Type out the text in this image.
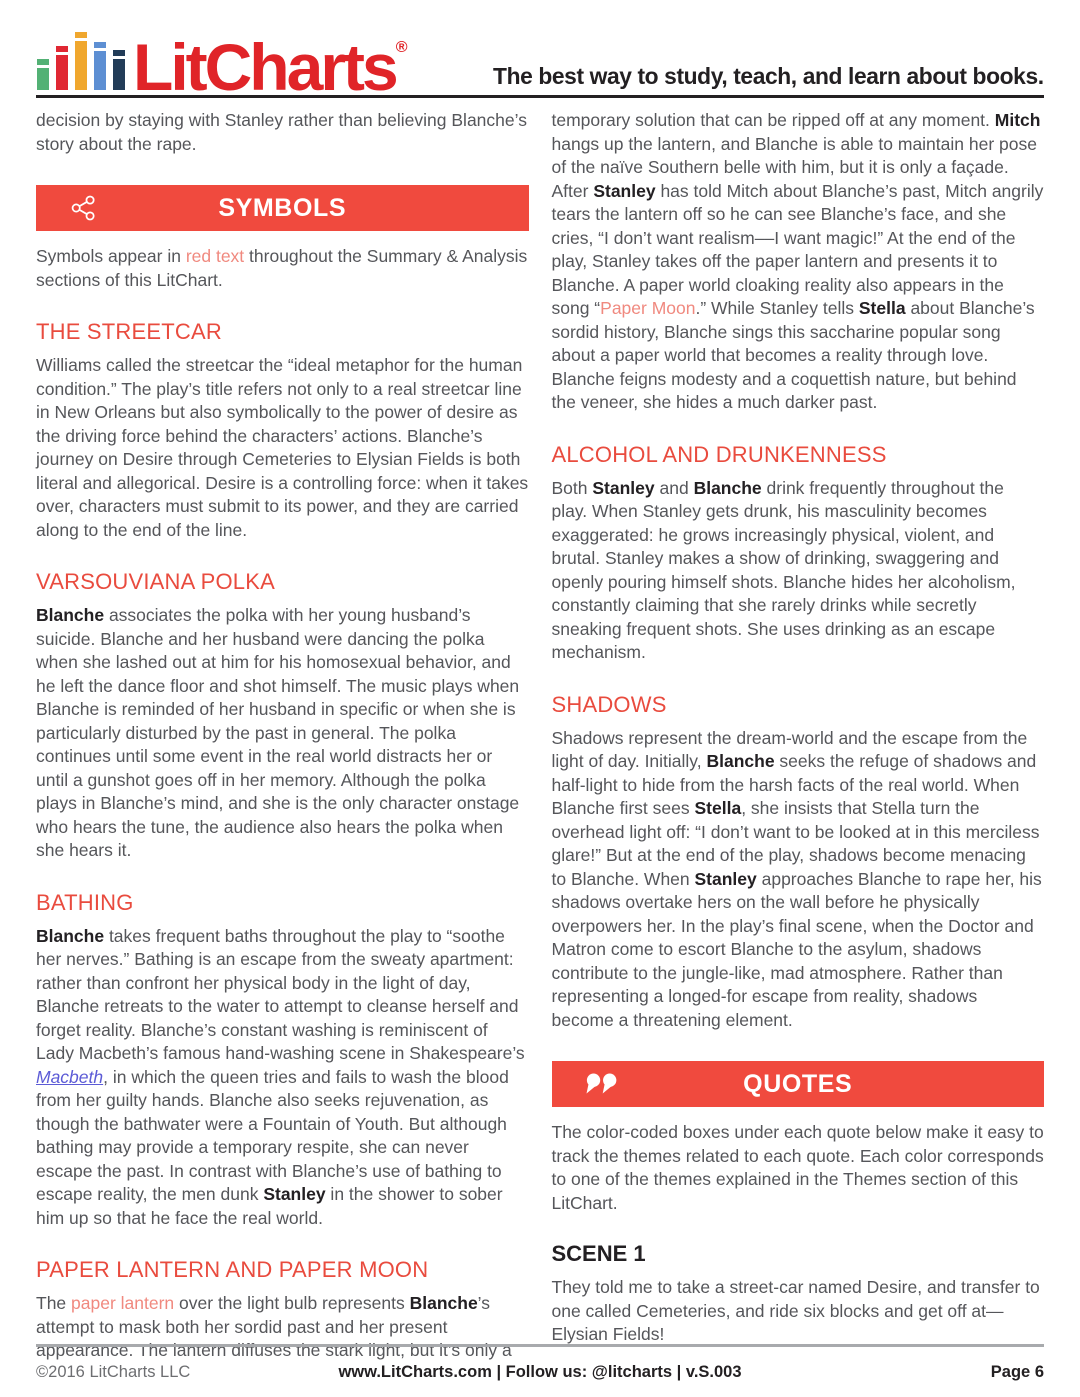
LitCharts®
The best way to study, teach, and learn about books.

decision by staying with Stanley rather than believing Blanche’s story about the rape.

SYMBOLS

Symbols appear in red text throughout the Summary & Analysis sections of this LitChart.

THE STREETCAR

Williams called the streetcar the “ideal metaphor for the human condition.” The play’s title refers not only to a real streetcar line in New Orleans but also symbolically to the power of desire as the driving force behind the characters’ actions. Blanche’s journey on Desire through Cemeteries to Elysian Fields is both literal and allegorical. Desire is a controlling force: when it takes over, characters must submit to its power, and they are carried along to the end of the line.

VARSOUVIANA POLKA

Blanche associates the polka with her young husband’s suicide. Blanche and her husband were dancing the polka when she lashed out at him for his homosexual behavior, and he left the dance floor and shot himself. The music plays when Blanche is reminded of her husband in specific or when she is particularly disturbed by the past in general. The polka continues until some event in the real world distracts her or until a gunshot goes off in her memory. Although the polka plays in Blanche’s mind, and she is the only character onstage who hears the tune, the audience also hears the polka when she hears it.

BATHING

Blanche takes frequent baths throughout the play to “soothe her nerves.” Bathing is an escape from the sweaty apartment: rather than confront her physical body in the light of day, Blanche retreats to the water to attempt to cleanse herself and forget reality. Blanche’s constant washing is reminiscent of Lady Macbeth’s famous hand-washing scene in Shakespeare’s Macbeth, in which the queen tries and fails to wash the blood from her guilty hands. Blanche also seeks rejuvenation, as though the bathwater were a Fountain of Youth. But although bathing may provide a temporary respite, she can never escape the past. In contrast with Blanche’s use of bathing to escape reality, the men dunk Stanley in the shower to sober him up so that he face the real world.

PAPER LANTERN AND PAPER MOON

The paper lantern over the light bulb represents Blanche’s attempt to mask both her sordid past and her present appearance. The lantern diffuses the stark light, but it’s only a

temporary solution that can be ripped off at any moment. Mitch hangs up the lantern, and Blanche is able to maintain her pose of the naïve Southern belle with him, but it is only a façade. After Stanley has told Mitch about Blanche’s past, Mitch angrily tears the lantern off so he can see Blanche’s face, and she cries, “I don’t want realism––I want magic!” At the end of the play, Stanley takes off the paper lantern and presents it to Blanche. A paper world cloaking reality also appears in the song “Paper Moon.” While Stanley tells Stella about Blanche’s sordid history, Blanche sings this saccharine popular song about a paper world that becomes a reality through love. Blanche feigns modesty and a coquettish nature, but behind the veneer, she hides a much darker past.

ALCOHOL AND DRUNKENNESS

Both Stanley and Blanche drink frequently throughout the play. When Stanley gets drunk, his masculinity becomes exaggerated: he grows increasingly physical, violent, and brutal. Stanley makes a show of drinking, swaggering and openly pouring himself shots. Blanche hides her alcoholism, constantly claiming that she rarely drinks while secretly sneaking frequent shots. She uses drinking as an escape mechanism.

SHADOWS

Shadows represent the dream-world and the escape from the light of day. Initially, Blanche seeks the refuge of shadows and half-light to hide from the harsh facts of the real world. When Blanche first sees Stella, she insists that Stella turn the overhead light off: “I don’t want to be looked at in this merciless glare!” But at the end of the play, shadows become menacing to Blanche. When Stanley approaches Blanche to rape her, his shadows overtake hers on the wall before he physically overpowers her. In the play’s final scene, when the Doctor and Matron come to escort Blanche to the asylum, shadows contribute to the jungle-like, mad atmosphere. Rather than representing a longed-for escape from reality, shadows become a threatening element.

QUOTES

The color-coded boxes under each quote below make it easy to track the themes related to each quote. Each color corresponds to one of the themes explained in the Themes section of this LitChart.

SCENE 1

They told me to take a street-car named Desire, and transfer to one called Cemeteries, and ride six blocks and get off at—Elysian Fields!

©2016 LitCharts LLC	www.LitCharts.com | Follow us: @litcharts | v.S.003	Page 6
